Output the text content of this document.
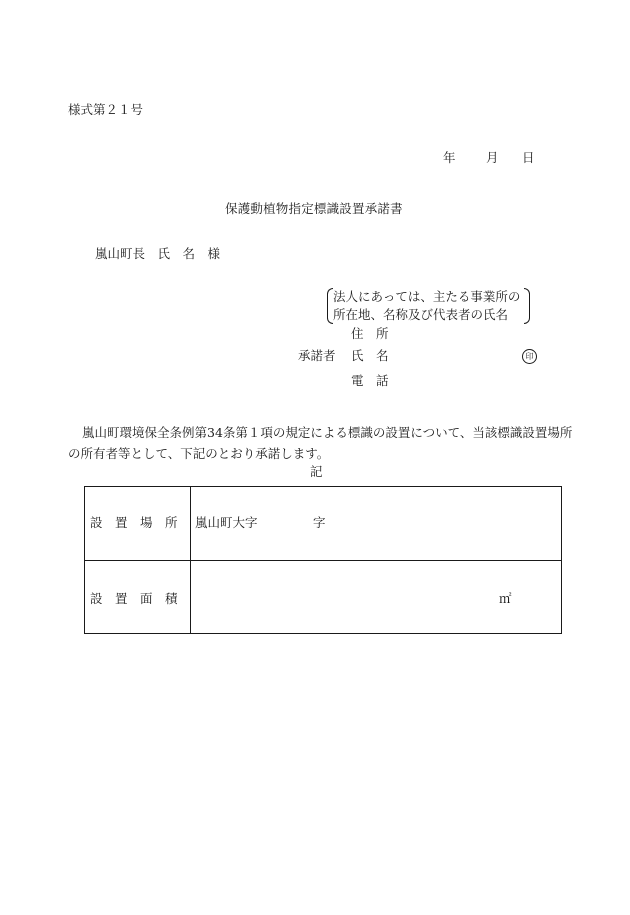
様式第２１号
年 月 日
保護動植物指定標識設置承諾書
嵐山町長　氏　名　様
法人にあっては、主たる事業所の
所在地、名称及び代表者の氏名
住　所
承諾者 氏　名	印
電　話
嵐山町環境保全条例第34条第１項の規定による標識の設置について、当該標識設置場所の所有者等として、下記のとおり承諾します。
記
設　置　場　所 嵐山町大字	字
設　置　面　積	㎡
